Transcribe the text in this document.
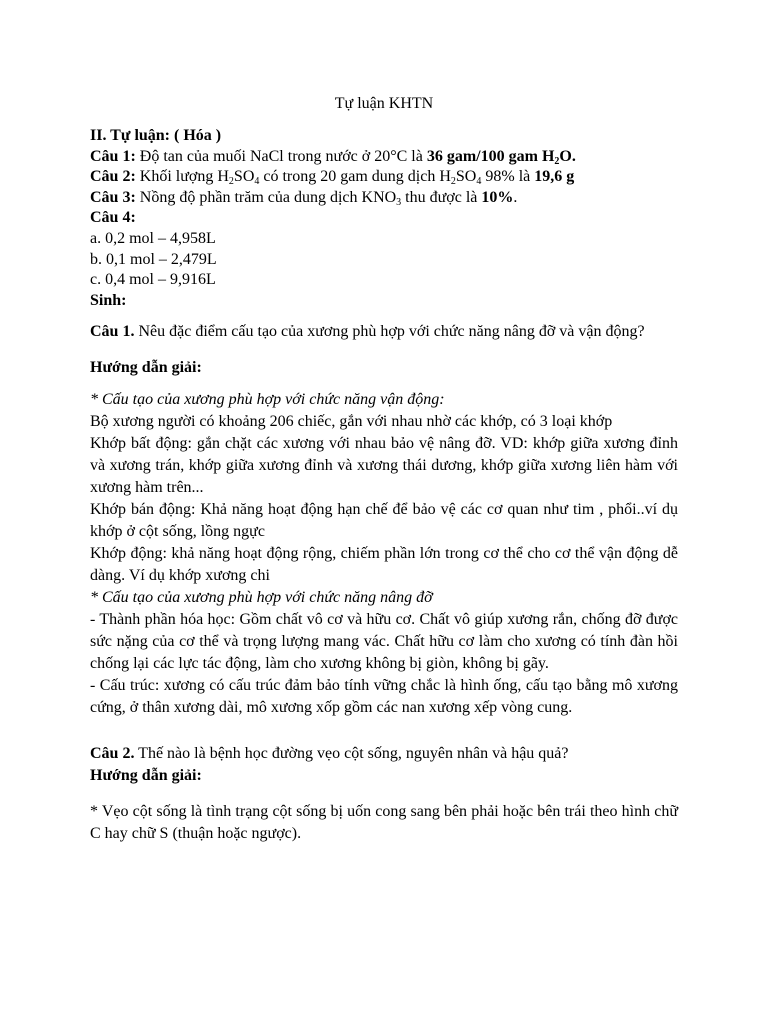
Tự luận KHTN
II. Tự luận: ( Hóa )
Câu 1: Độ tan của muối NaCl trong nước ở 20°C là 36 gam/100 gam $H_2O$.
Câu 2: Khối lượng $H_2SO_4$ có trong 20 gam dung dịch $H_2SO_4$ 98% là 19,6 g
Câu 3: Nồng độ phần trăm của dung dịch $KNO_3$ thu được là 10%.
Câu 4:
a. 0,2 mol – 4,958L
b. 0,1 mol – 2,479L
c. 0,4 mol – 9,916L
Sinh:
Câu 1. Nêu đặc điểm cấu tạo của xương phù hợp với chức năng nâng đỡ và vận động?
Hướng dẫn giải:
* Cấu tạo của xương phù hợp với chức năng vận động:
Bộ xương người có khoảng 206 chiếc, gắn với nhau nhờ các khớp, có 3 loại khớp
Khớp bất động: gắn chặt các xương với nhau bảo vệ nâng đỡ. VD: khớp giữa xương đỉnh và xương trán, khớp giữa xương đỉnh và xương thái dương, khớp giữa xương liên hàm với xương hàm trên...
Khớp bán động: Khả năng hoạt động hạn chế để bảo vệ các cơ quan như tim , phổi..ví dụ khớp ở cột sống, lồng ngực
Khớp động: khả năng hoạt động rộng, chiếm phần lớn trong cơ thể cho cơ thể vận động dễ dàng. Ví dụ khớp xương chi
* Cấu tạo của xương phù hợp với chức năng nâng đỡ
- Thành phần hóa học: Gồm chất vô cơ và hữu cơ. Chất vô giúp xương rắn, chống đỡ được sức nặng của cơ thể và trọng lượng mang vác. Chất hữu cơ làm cho xương có tính đàn hồi chống lại các lực tác động, làm cho xương không bị giòn, không bị gãy.
- Cấu trúc: xương có cấu trúc đảm bảo tính vững chắc là hình ống, cấu tạo bằng mô xương cứng, ở thân xương dài, mô xương xốp gồm các nan xương xếp vòng cung.
Câu 2. Thế nào là bệnh học đường vẹo cột sống, nguyên nhân và hậu quả?
Hướng dẫn giải:
* Vẹo cột sống là tình trạng cột sống bị uốn cong sang bên phải hoặc bên trái theo hình chữ C hay chữ S (thuận hoặc ngược).
